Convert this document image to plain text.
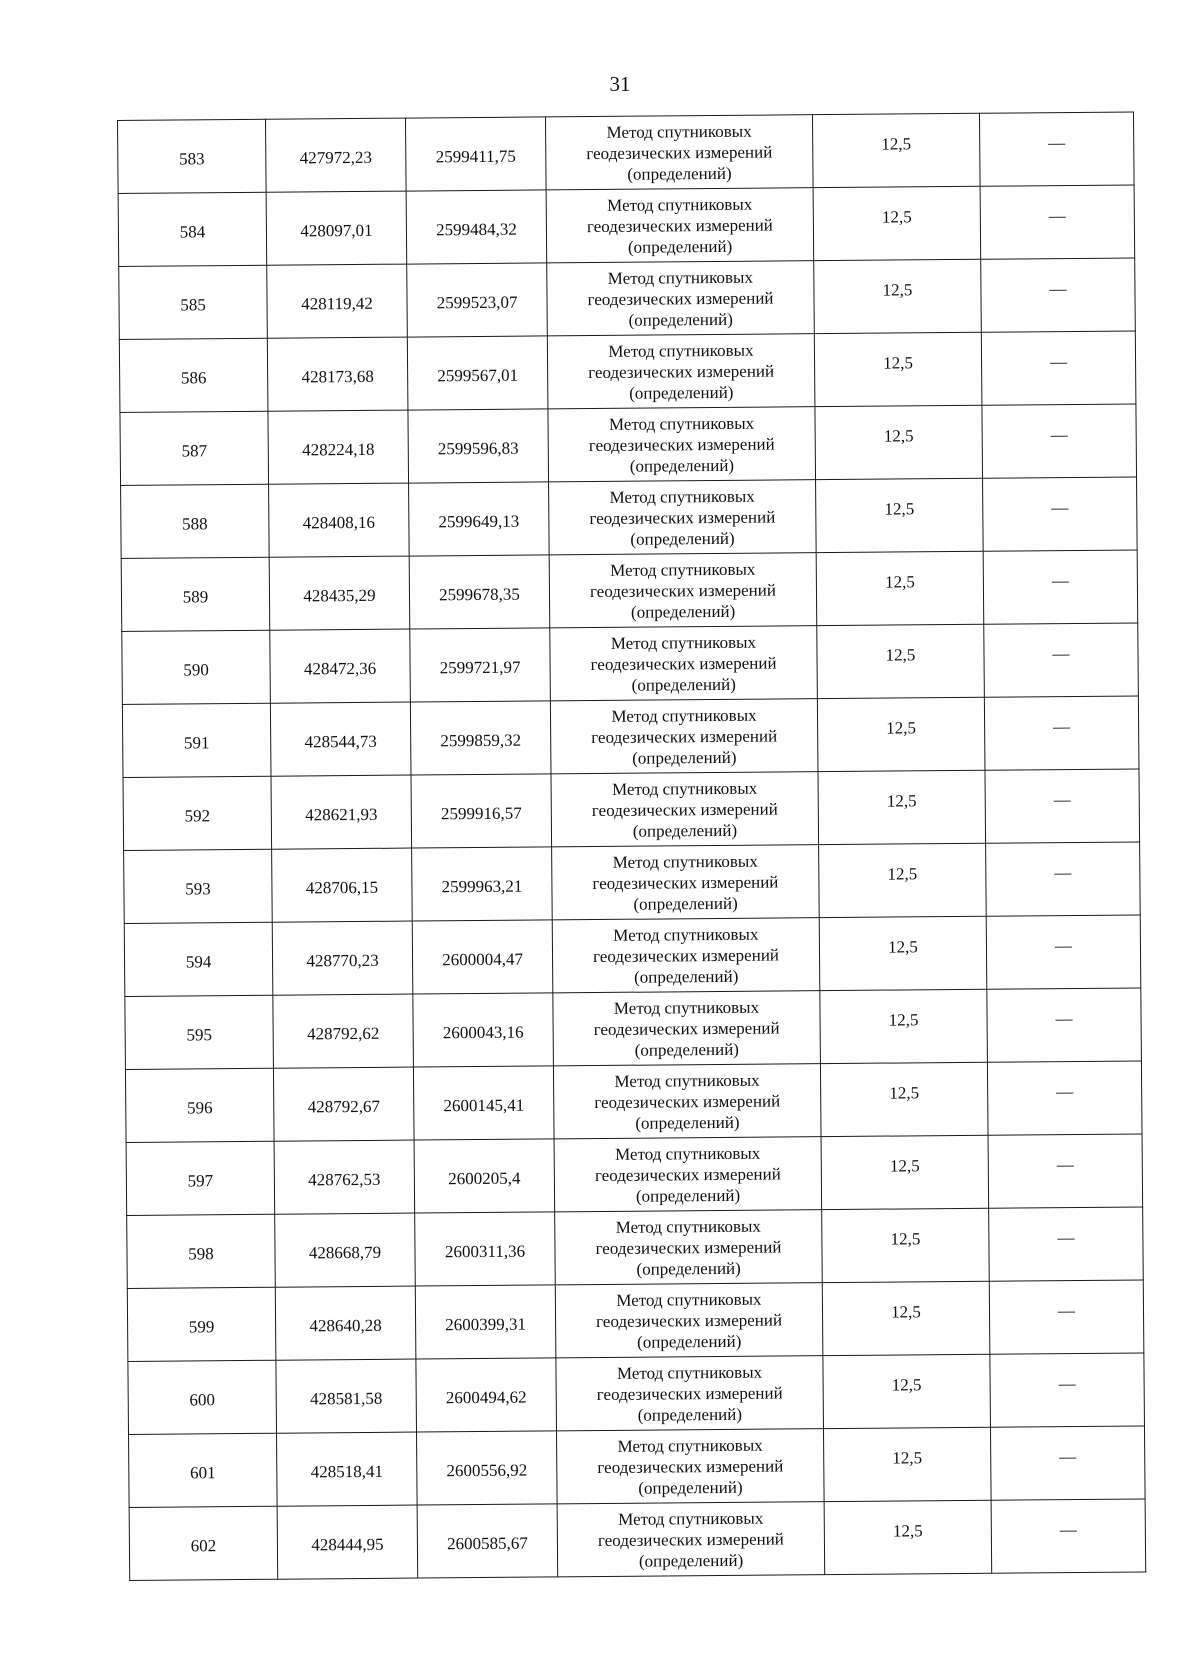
31
583	427972,23	2599411,75	Метод спутниковых
геодезических измерений
(определений)	12,5	—
584	428097,01	2599484,32	Метод спутниковых
геодезических измерений
(определений)	12,5	—
585	428119,42	2599523,07	Метод спутниковых
геодезических измерений
(определений)	12,5	—
586	428173,68	2599567,01	Метод спутниковых
геодезических измерений
(определений)	12,5	—
587	428224,18	2599596,83	Метод спутниковых
геодезических измерений
(определений)	12,5	—
588	428408,16	2599649,13	Метод спутниковых
геодезических измерений
(определений)	12,5	—
589	428435,29	2599678,35	Метод спутниковых
геодезических измерений
(определений)	12,5	—
590	428472,36	2599721,97	Метод спутниковых
геодезических измерений
(определений)	12,5	—
591	428544,73	2599859,32	Метод спутниковых
геодезических измерений
(определений)	12,5	—
592	428621,93	2599916,57	Метод спутниковых
геодезических измерений
(определений)	12,5	—
593	428706,15	2599963,21	Метод спутниковых
геодезических измерений
(определений)	12,5	—
594	428770,23	2600004,47	Метод спутниковых
геодезических измерений
(определений)	12,5	—
595	428792,62	2600043,16	Метод спутниковых
геодезических измерений
(определений)	12,5	—
596	428792,67	2600145,41	Метод спутниковых
геодезических измерений
(определений)	12,5	—
597	428762,53	2600205,4	Метод спутниковых
геодезических измерений
(определений)	12,5	—
598	428668,79	2600311,36	Метод спутниковых
геодезических измерений
(определений)	12,5	—
599	428640,28	2600399,31	Метод спутниковых
геодезических измерений
(определений)	12,5	—
600	428581,58	2600494,62	Метод спутниковых
геодезических измерений
(определений)	12,5	—
601	428518,41	2600556,92	Метод спутниковых
геодезических измерений
(определений)	12,5	—
602	428444,95	2600585,67	Метод спутниковых
геодезических измерений
(определений)	12,5	—
